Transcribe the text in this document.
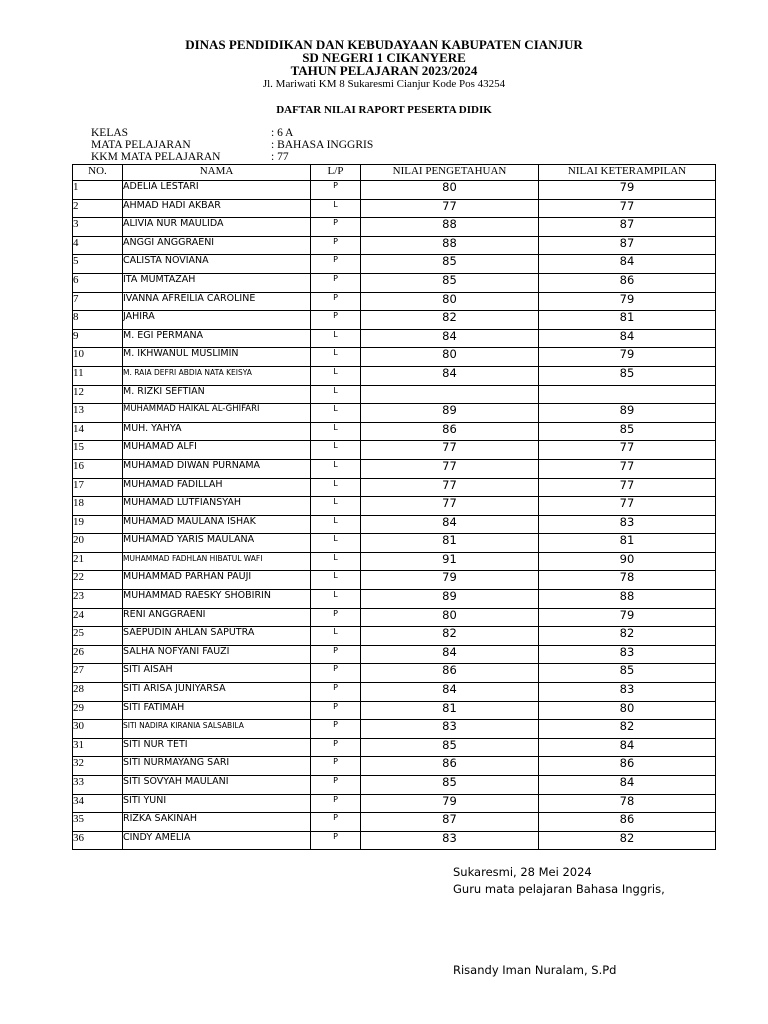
DINAS PENDIDIKAN DAN KEBUDAYAAN KABUPATEN CIANJUR
SD NEGERI 1 CIKANYERE
TAHUN PELAJARAN 2023/2024
Jl. Mariwati KM 8 Sukaresmi Cianjur Kode Pos 43254
DAFTAR NILAI RAPORT PESERTA DIDIK
KELAS	: 6 A
MATA PELAJARAN	: BAHASA INGGRIS
KKM MATA PELAJARAN	: 77
NO.	NAMA	L/P	NILAI PENGETAHUAN	NILAI KETERAMPILAN
1	ADELIA LESTARI	P	80	79
2	AHMAD HADI AKBAR	L	77	77
3	ALIVIA NUR MAULIDA	P	88	87
4	ANGGI ANGGRAENI	P	88	87
5	CALISTA NOVIANA	P	85	84
6	ITA MUMTAZAH	P	85	86
7	IVANNA AFREILIA CAROLINE	P	80	79
8	JAHIRA	P	82	81
9	M. EGI PERMANA	L	84	84
10	M. IKHWANUL MUSLIMIN	L	80	79
11	M. RAIA DEFRI ABDIA NATA KEISYA	L	84	85
12	M. RIZKI SEFTIAN	L		
13	MUHAMMAD HAIKAL AL-GHIFARI	L	89	89
14	MUH. YAHYA	L	86	85
15	MUHAMAD ALFI	L	77	77
16	MUHAMAD DIWAN PURNAMA	L	77	77
17	MUHAMAD FADILLAH	L	77	77
18	MUHAMAD LUTFIANSYAH	L	77	77
19	MUHAMAD MAULANA ISHAK	L	84	83
20	MUHAMAD YARIS MAULANA	L	81	81
21	MUHAMMAD FADHLAN HIBATUL WAFI	L	91	90
22	MUHAMMAD PARHAN PAUJI	L	79	78
23	MUHAMMAD RAESKY SHOBIRIN	L	89	88
24	RENI ANGGRAENI	P	80	79
25	SAEPUDIN AHLAN SAPUTRA	L	82	82
26	SALHA NOFYANI FAUZI	P	84	83
27	SITI AISAH	P	86	85
28	SITI ARISA JUNIYARSA	P	84	83
29	SITI FATIMAH	P	81	80
30	SITI NADIRA KIRANIA SALSABILA	P	83	82
31	SITI NUR TETI	P	85	84
32	SITI NURMAYANG SARI	P	86	86
33	SITI SOVYAH MAULANI	P	85	84
34	SITI YUNI	P	79	78
35	RIZKA SAKINAH	P	87	86
36	CINDY AMELIA	P	83	82
Sukaresmi, 28 Mei 2024
Guru mata pelajaran Bahasa Inggris,
Risandy Iman Nuralam, S.Pd
